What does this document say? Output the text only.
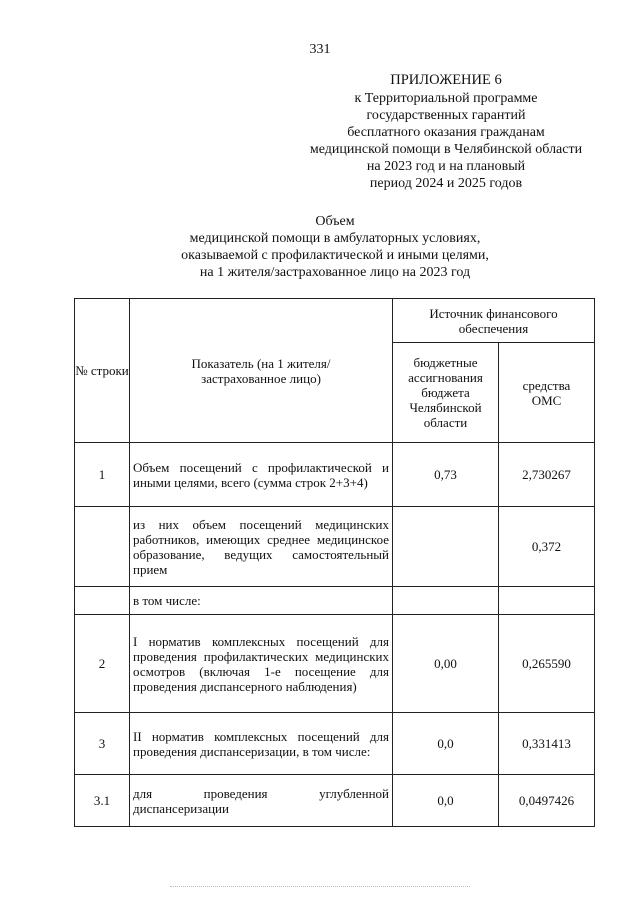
331
ПРИЛОЖЕНИЕ 6
к Территориальной программе
государственных гарантий
бесплатного оказания гражданам
медицинской помощи в Челябинской области
на 2023 год и на плановый
период 2024 и 2025 годов
Объем
медицинской помощи в амбулаторных условиях,
оказываемой с профилактической и иными целями,
на 1 жителя/застрахованное лицо на 2023 год
№ строки	Показатель (на 1 жителя/ застрахованное лицо)	Источник финансового обеспечения	
		бюджетные ассигнования бюджета Челябинской области	средства ОМС
1	Объем посещений с профилактической и иными целями, всего (сумма строк 2+3+4)	0,73	2,730267
	из них объем посещений медицинских работников, имеющих среднее медицинское образование, ведущих самостоятельный прием		0,372
	в том числе:		
2	I норматив комплексных посещений для проведения профилактических медицинских осмотров (включая 1-е посещение для проведения диспансерного наблюдения)	0,00	0,265590
3	II норматив комплексных посещений для проведения диспансеризации, в том числе:	0,0	0,331413
3.1	для проведения углубленной диспансеризации	0,0	0,0497426
